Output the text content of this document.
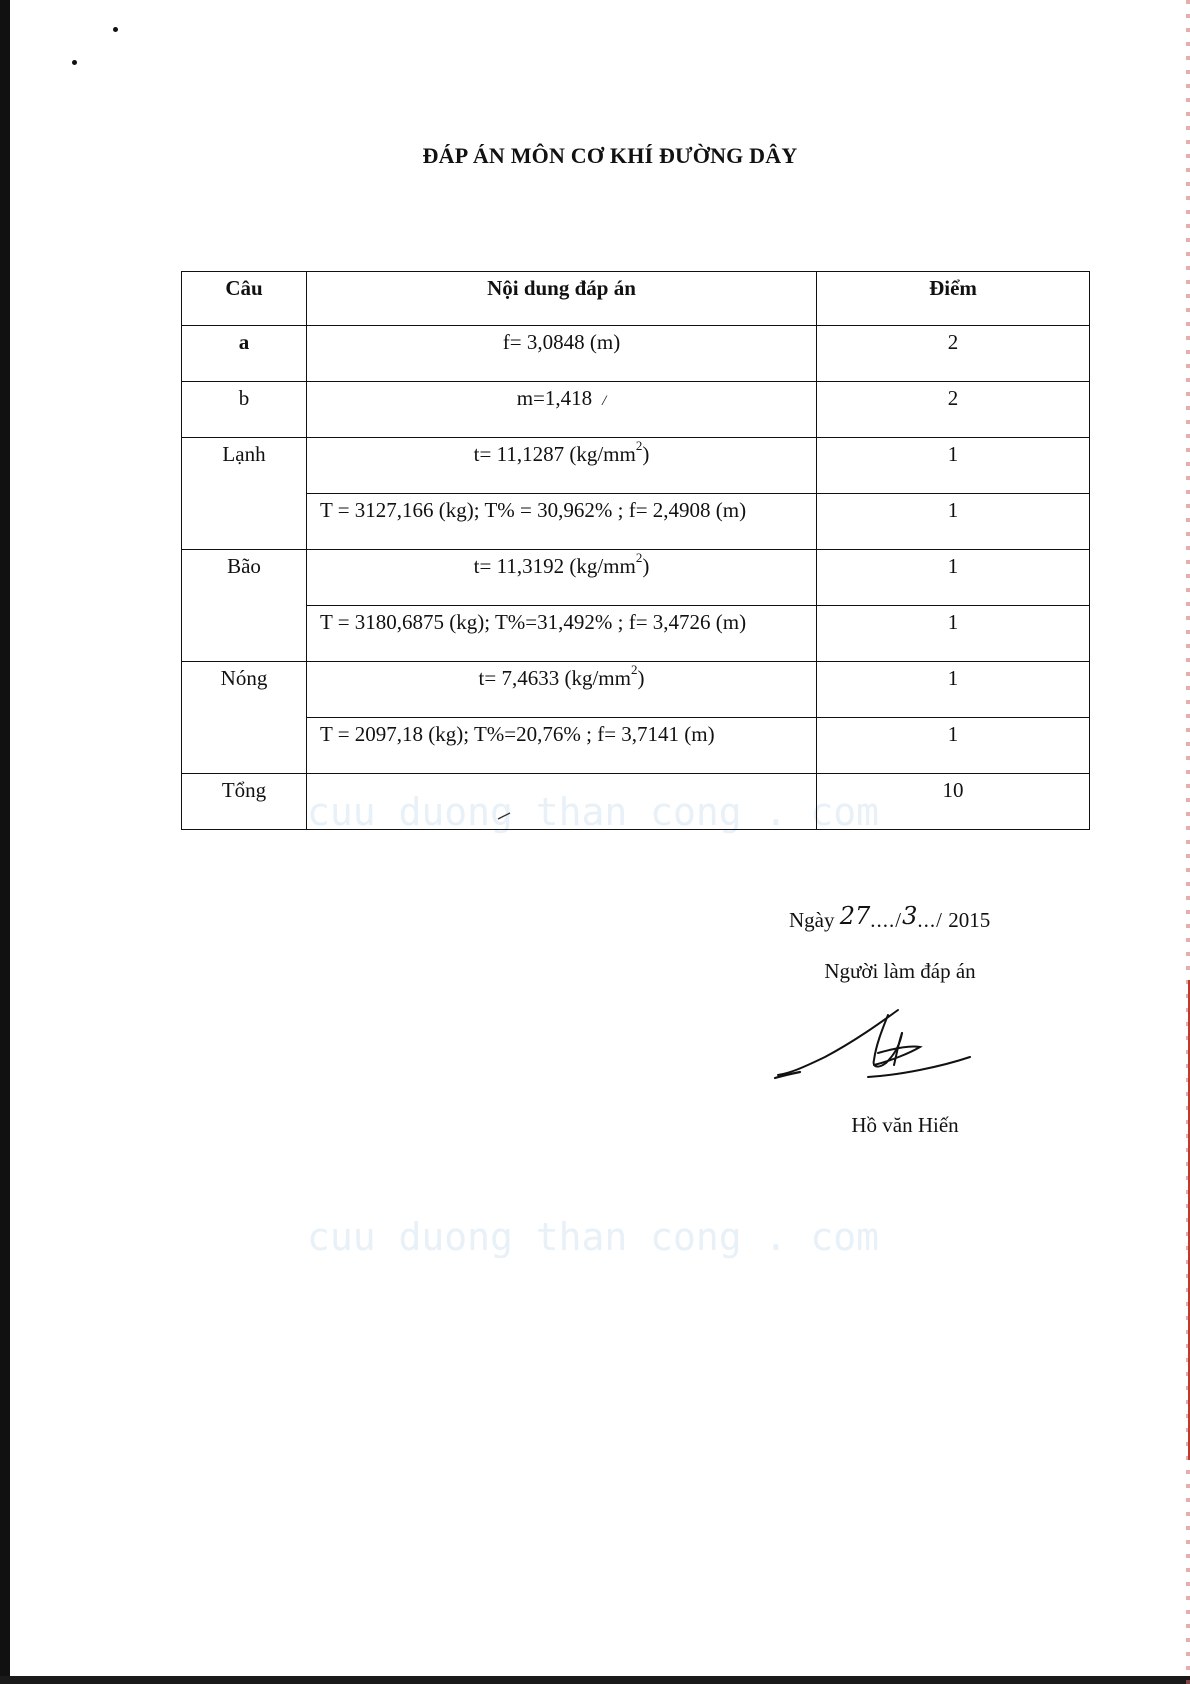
cuu duong than cong . com
cuu duong than cong . com
ĐÁP ÁN MÔN CƠ KHÍ ĐƯỜNG DÂY
Câu	Nội dung đáp án	Điểm
a	f= 3,0848 (m)	2
b	m=1,418 /	2
Lạnh	t= 11,1287 $(kg/mm^2)$	1
	T = 3127,166 (kg); T% = 30,962% ; f= 2,4908 (m)	1
Bão	t= 11,3192 $(kg/mm^2)$	1
	T = 3180,6875 (kg); T%=31,492% ; f= 3,4726 (m)	1
Nóng	t= 7,4633 $(kg/mm^2)$	1
	T = 2097,18 (kg); T%=20,76% ; f= 3,7141 (m)	1
Tổng		10
Ngày 27..../3.../ 2015
Người làm đáp án
Hồ văn Hiến
